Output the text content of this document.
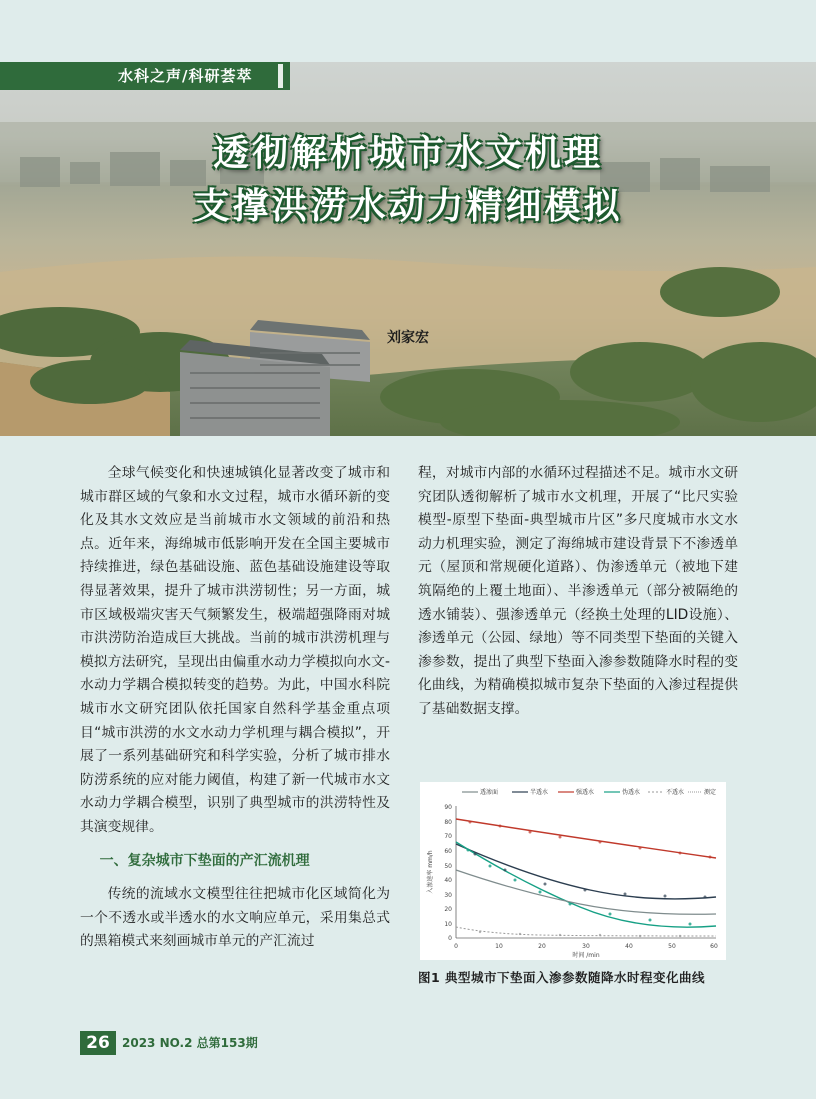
水科之声/科研荟萃
透彻解析城市水文机理
支撑洪涝水动力精细模拟
刘家宏

全球气候变化和快速城镇化显著改变了城市和城市群区域的气象和水文过程，城市水循环新的变化及其水文效应是当前城市水文领域的前沿和热点。近年来，海绵城市低影响开发在全国主要城市持续推进，绿色基础设施、蓝色基础设施建设等取得显著效果，提升了城市洪涝韧性；另一方面，城市区域极端灾害天气频繁发生，极端超强降雨对城市洪涝防治造成巨大挑战。当前的城市洪涝机理与模拟方法研究，呈现出由偏重水动力学模拟向水文-水动力学耦合模拟转变的趋势。为此，中国水科院城市水文研究团队依托国家自然科学基金重点项目“城市洪涝的水文水动力学机理与耦合模拟”，开展了一系列基础研究和科学实验，分析了城市排水防涝系统的应对能力阈值，构建了新一代城市水文水动力学耦合模型，识别了典型城市的洪涝特性及其演变规律。

一、复杂城市下垫面的产汇流机理

传统的流域水文模型往往把城市化区域简化为一个不透水或半透水的水文响应单元，采用集总式的黑箱模式来刻画城市单元的产汇流过

程，对城市内部的水循环过程描述不足。城市水文研究团队透彻解析了城市水文机理，开展了“比尺实验模型-原型下垫面-典型城市片区”多尺度城市水文水动力机理实验，测定了海绵城市建设背景下不渗透单元（屋顶和常规硬化道路）、伪渗透单元（被地下建筑隔绝的上覆土地面）、半渗透单元（部分被隔绝的透水铺装）、强渗透单元（经换土处理的LID设施）、渗透单元（公园、绿地）等不同类型下垫面的关键入渗参数，提出了典型下垫面入渗参数随降水时程的变化曲线，为精确模拟城市复杂下垫面的入渗过程提供了基础数据支撑。

透渗面	半透水	强透水	伪透水	不透水	测定
90
80
70
60
50
40
30
20
10
0
0	10	20	30	40	50	60
时间 /min
入渗速率 mm/h
图1 典型城市下垫面入渗参数随降水时程变化曲线
26	2023 NO.2 总第153期
